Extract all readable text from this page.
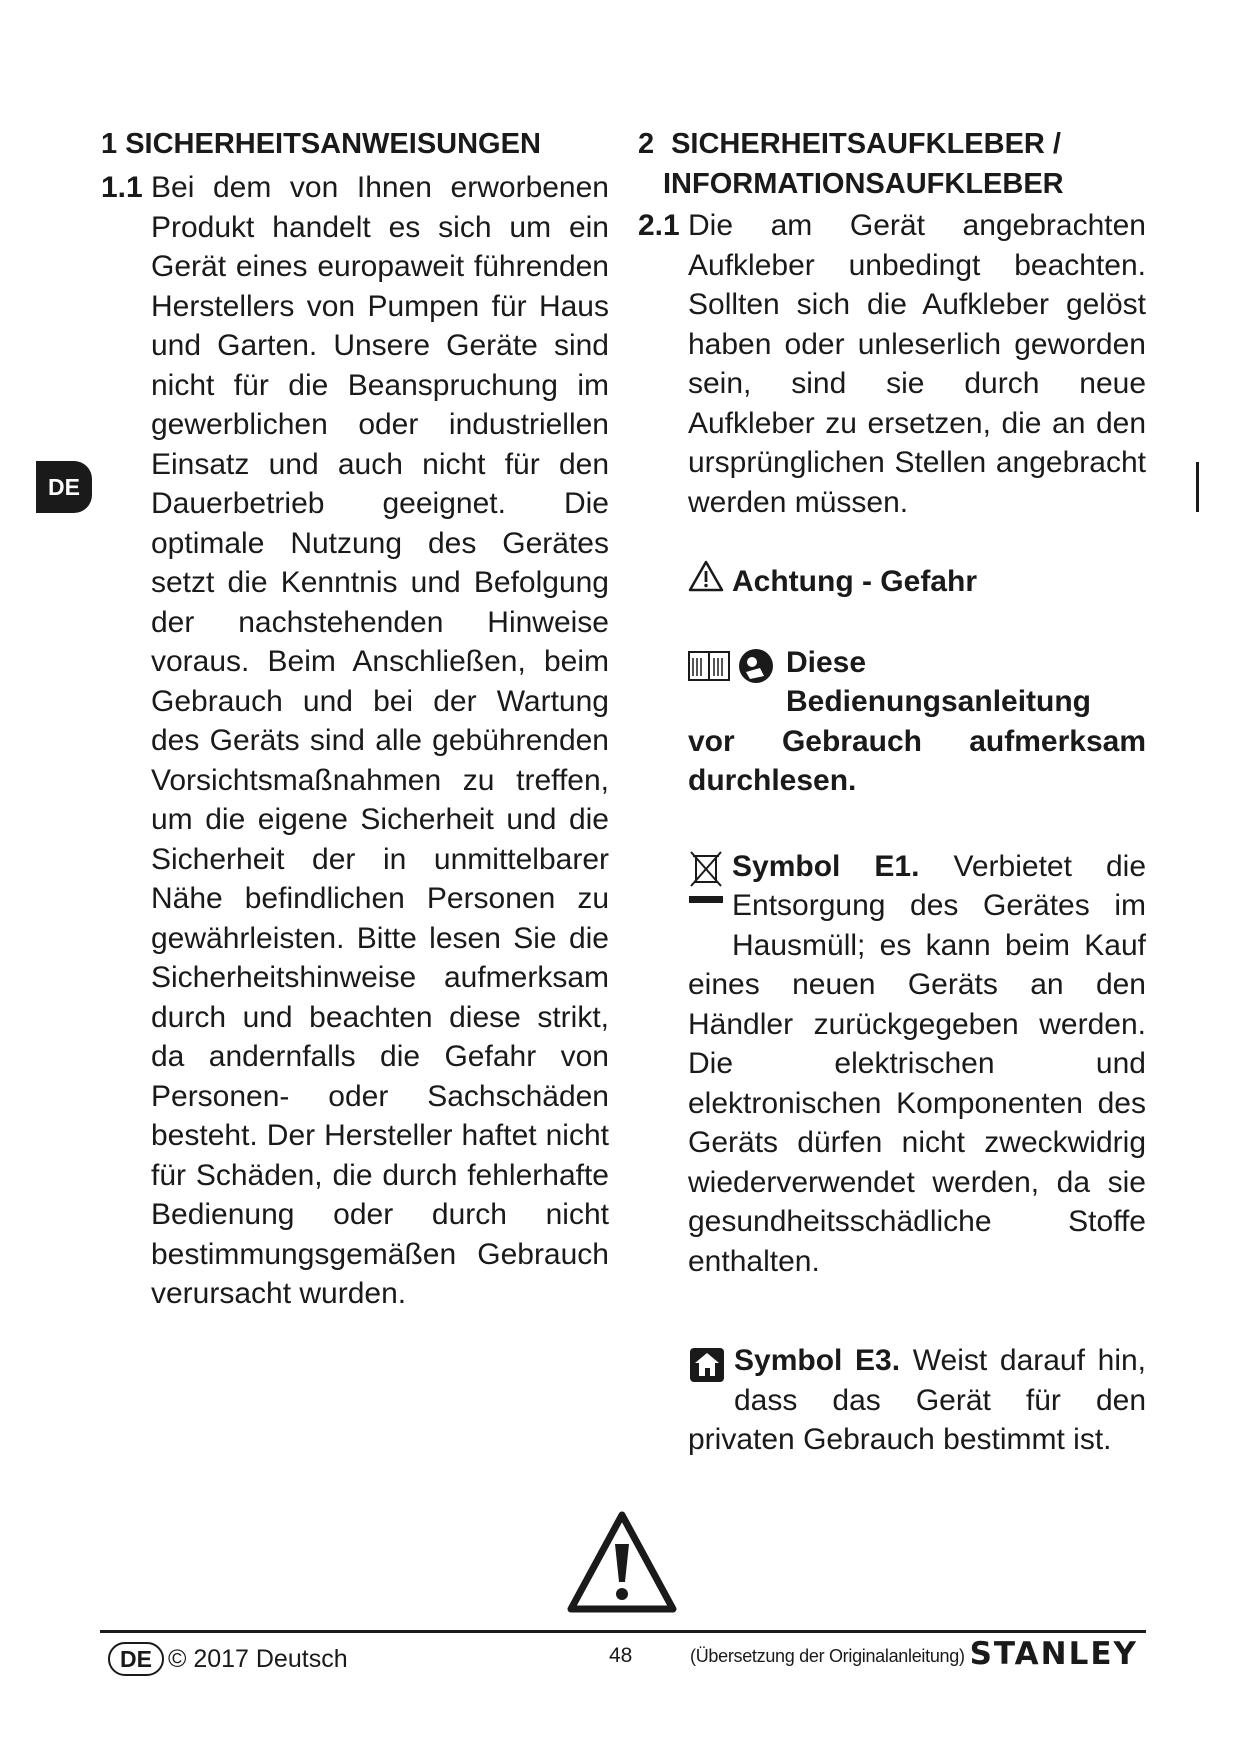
DE
1 SICHERHEITSANWEISUNGEN
1.1 Bei dem von Ihnen erworbenen Produkt handelt es sich um ein Gerät eines europaweit führenden Herstellers von Pumpen für Haus und Garten. Unsere Geräte sind nicht für die Beanspruchung im gewerblichen oder industriellen Einsatz und auch nicht für den Dauerbetrieb geeignet. Die optimale Nutzung des Gerätes setzt die Kenntnis und Befolgung der nachstehenden Hinweise voraus. Beim Anschließen, beim Gebrauch und bei der Wartung des Geräts sind alle gebührenden Vorsichtsmaßnahmen zu treffen, um die eigene Sicherheit und die Sicherheit der in unmittelbarer Nähe befindlichen Personen zu gewährleisten. Bitte lesen Sie die Sicherheitshinweise aufmerksam durch und beachten diese strikt, da andernfalls die Gefahr von Personen- oder Sachschäden besteht. Der Hersteller haftet nicht für Schäden, die durch fehlerhafte Bedienung oder durch nicht bestimmungsgemäßen Gebrauch verursacht wurden.
2 SICHERHEITSAUFKLEBER /
INFORMATIONSAUFKLEBER
2.1 Die am Gerät angebrachten Aufkleber unbedingt beachten. Sollten sich die Aufkleber gelöst haben oder unleserlich geworden sein, sind sie durch neue Aufkleber zu ersetzen, die an den ursprünglichen Stellen angebracht werden müssen.
Achtung - Gefahr
Diese Bedienungsanleitung vor Gebrauch aufmerksam durchlesen.
Symbol E1. Verbietet die Entsorgung des Gerätes im Hausmüll; es kann beim Kauf eines neuen Geräts an den Händler zurückgegeben werden. Die elektrischen und elektronischen Komponenten des Geräts dürfen nicht zweckwidrig wiederverwendet werden, da sie gesundheitsschädliche Stoffe enthalten.
Symbol E3. Weist darauf hin, dass das Gerät für den privaten Gebrauch bestimmt ist.
DE © 2017 Deutsch	48	(Übersetzung der Originalanleitung) STANLEY
